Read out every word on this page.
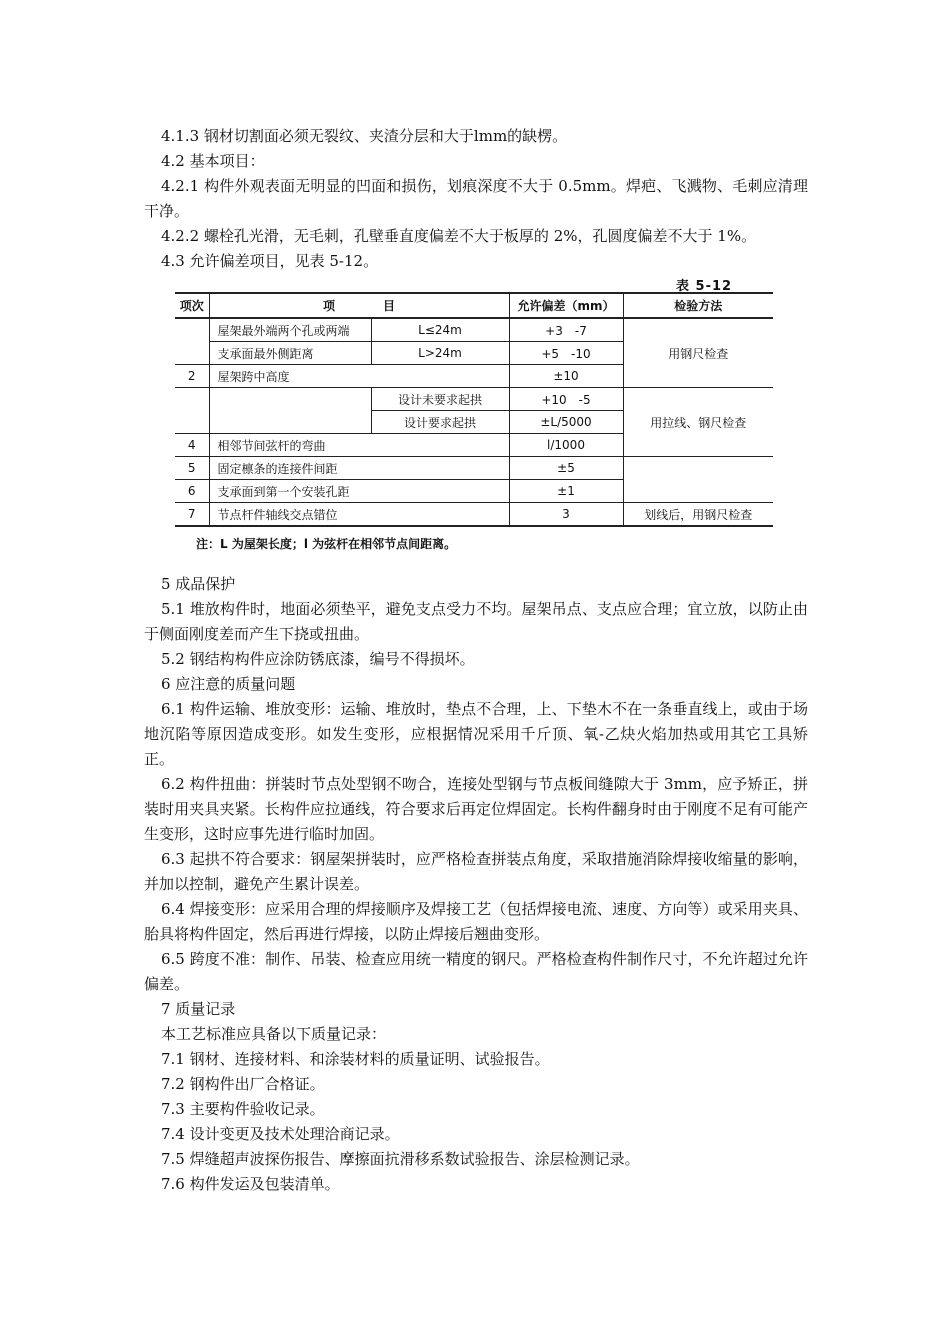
4.1.3 钢材切割面必须无裂纹、夹渣分层和大于lmm的缺楞。

4.2 基本项目：

4.2.1 构件外观表面无明显的凹面和损伤，划痕深度不大于 0.5mm。焊疤、飞溅物、毛刺应清理干净。

4.2.2 螺栓孔光滑，无毛刺，孔壁垂直度偏差不大于板厚的 2%，孔圆度偏差不大于 1%。

4.3 允许偏差项目，见表 5-12。

表 5-12
项次	项　　　　目		允许偏差（mm）	检验方法
	屋架最外端两个孔或两端	L≤24m	+3　-7	用钢尺检查
	支承面最外侧距离	L>24m	+5　-10	
2	屋架跨中高度		±10	
		设计未要求起拱	+10　-5	用拉线、钢尺检查
		设计要求起拱	±L/5000	
4	相邻节间弦杆的弯曲		l/1000	
5	固定檩条的连接件间距		±5	
6	支承面到第一个安装孔距		±1	
7	节点杆件轴线交点错位		3	划线后，用钢尺检查
注：L 为屋架长度；l 为弦杆在相邻节点间距离。

5 成品保护

5.1 堆放构件时，地面必须垫平，避免支点受力不均。屋架吊点、支点应合理；宜立放，以防止由于侧面刚度差而产生下挠或扭曲。

5.2 钢结构构件应涂防锈底漆，编号不得损坏。

6 应注意的质量问题

6.1 构件运输、堆放变形：运输、堆放时，垫点不合理，上、下垫木不在一条垂直线上，或由于场地沉陷等原因造成变形。如发生变形，应根据情况采用千斤顶、氧-乙炔火焰加热或用其它工具矫正。

6.2 构件扭曲：拼装时节点处型钢不吻合，连接处型钢与节点板间缝隙大于 3mm，应予矫正，拼装时用夹具夹紧。长构件应拉通线，符合要求后再定位焊固定。长构件翻身时由于刚度不足有可能产生变形，这时应事先进行临时加固。

6.3 起拱不符合要求：钢屋架拼装时，应严格检查拼装点角度，采取措施消除焊接收缩量的影响，并加以控制，避免产生累计误差。

6.4 焊接变形：应采用合理的焊接顺序及焊接工艺（包括焊接电流、速度、方向等）或采用夹具、胎具将构件固定，然后再进行焊接，以防止焊接后翘曲变形。

6.5 跨度不准：制作、吊装、检查应用统一精度的钢尺。严格检查构件制作尺寸，不允许超过允许偏差。

7 质量记录

本工艺标准应具备以下质量记录：

7.1 钢材、连接材料、和涂装材料的质量证明、试验报告。

7.2 钢构件出厂合格证。

7.3 主要构件验收记录。

7.4 设计变更及技术处理洽商记录。

7.5 焊缝超声波探伤报告、摩擦面抗滑移系数试验报告、涂层检测记录。

7.6 构件发运及包装清单。
